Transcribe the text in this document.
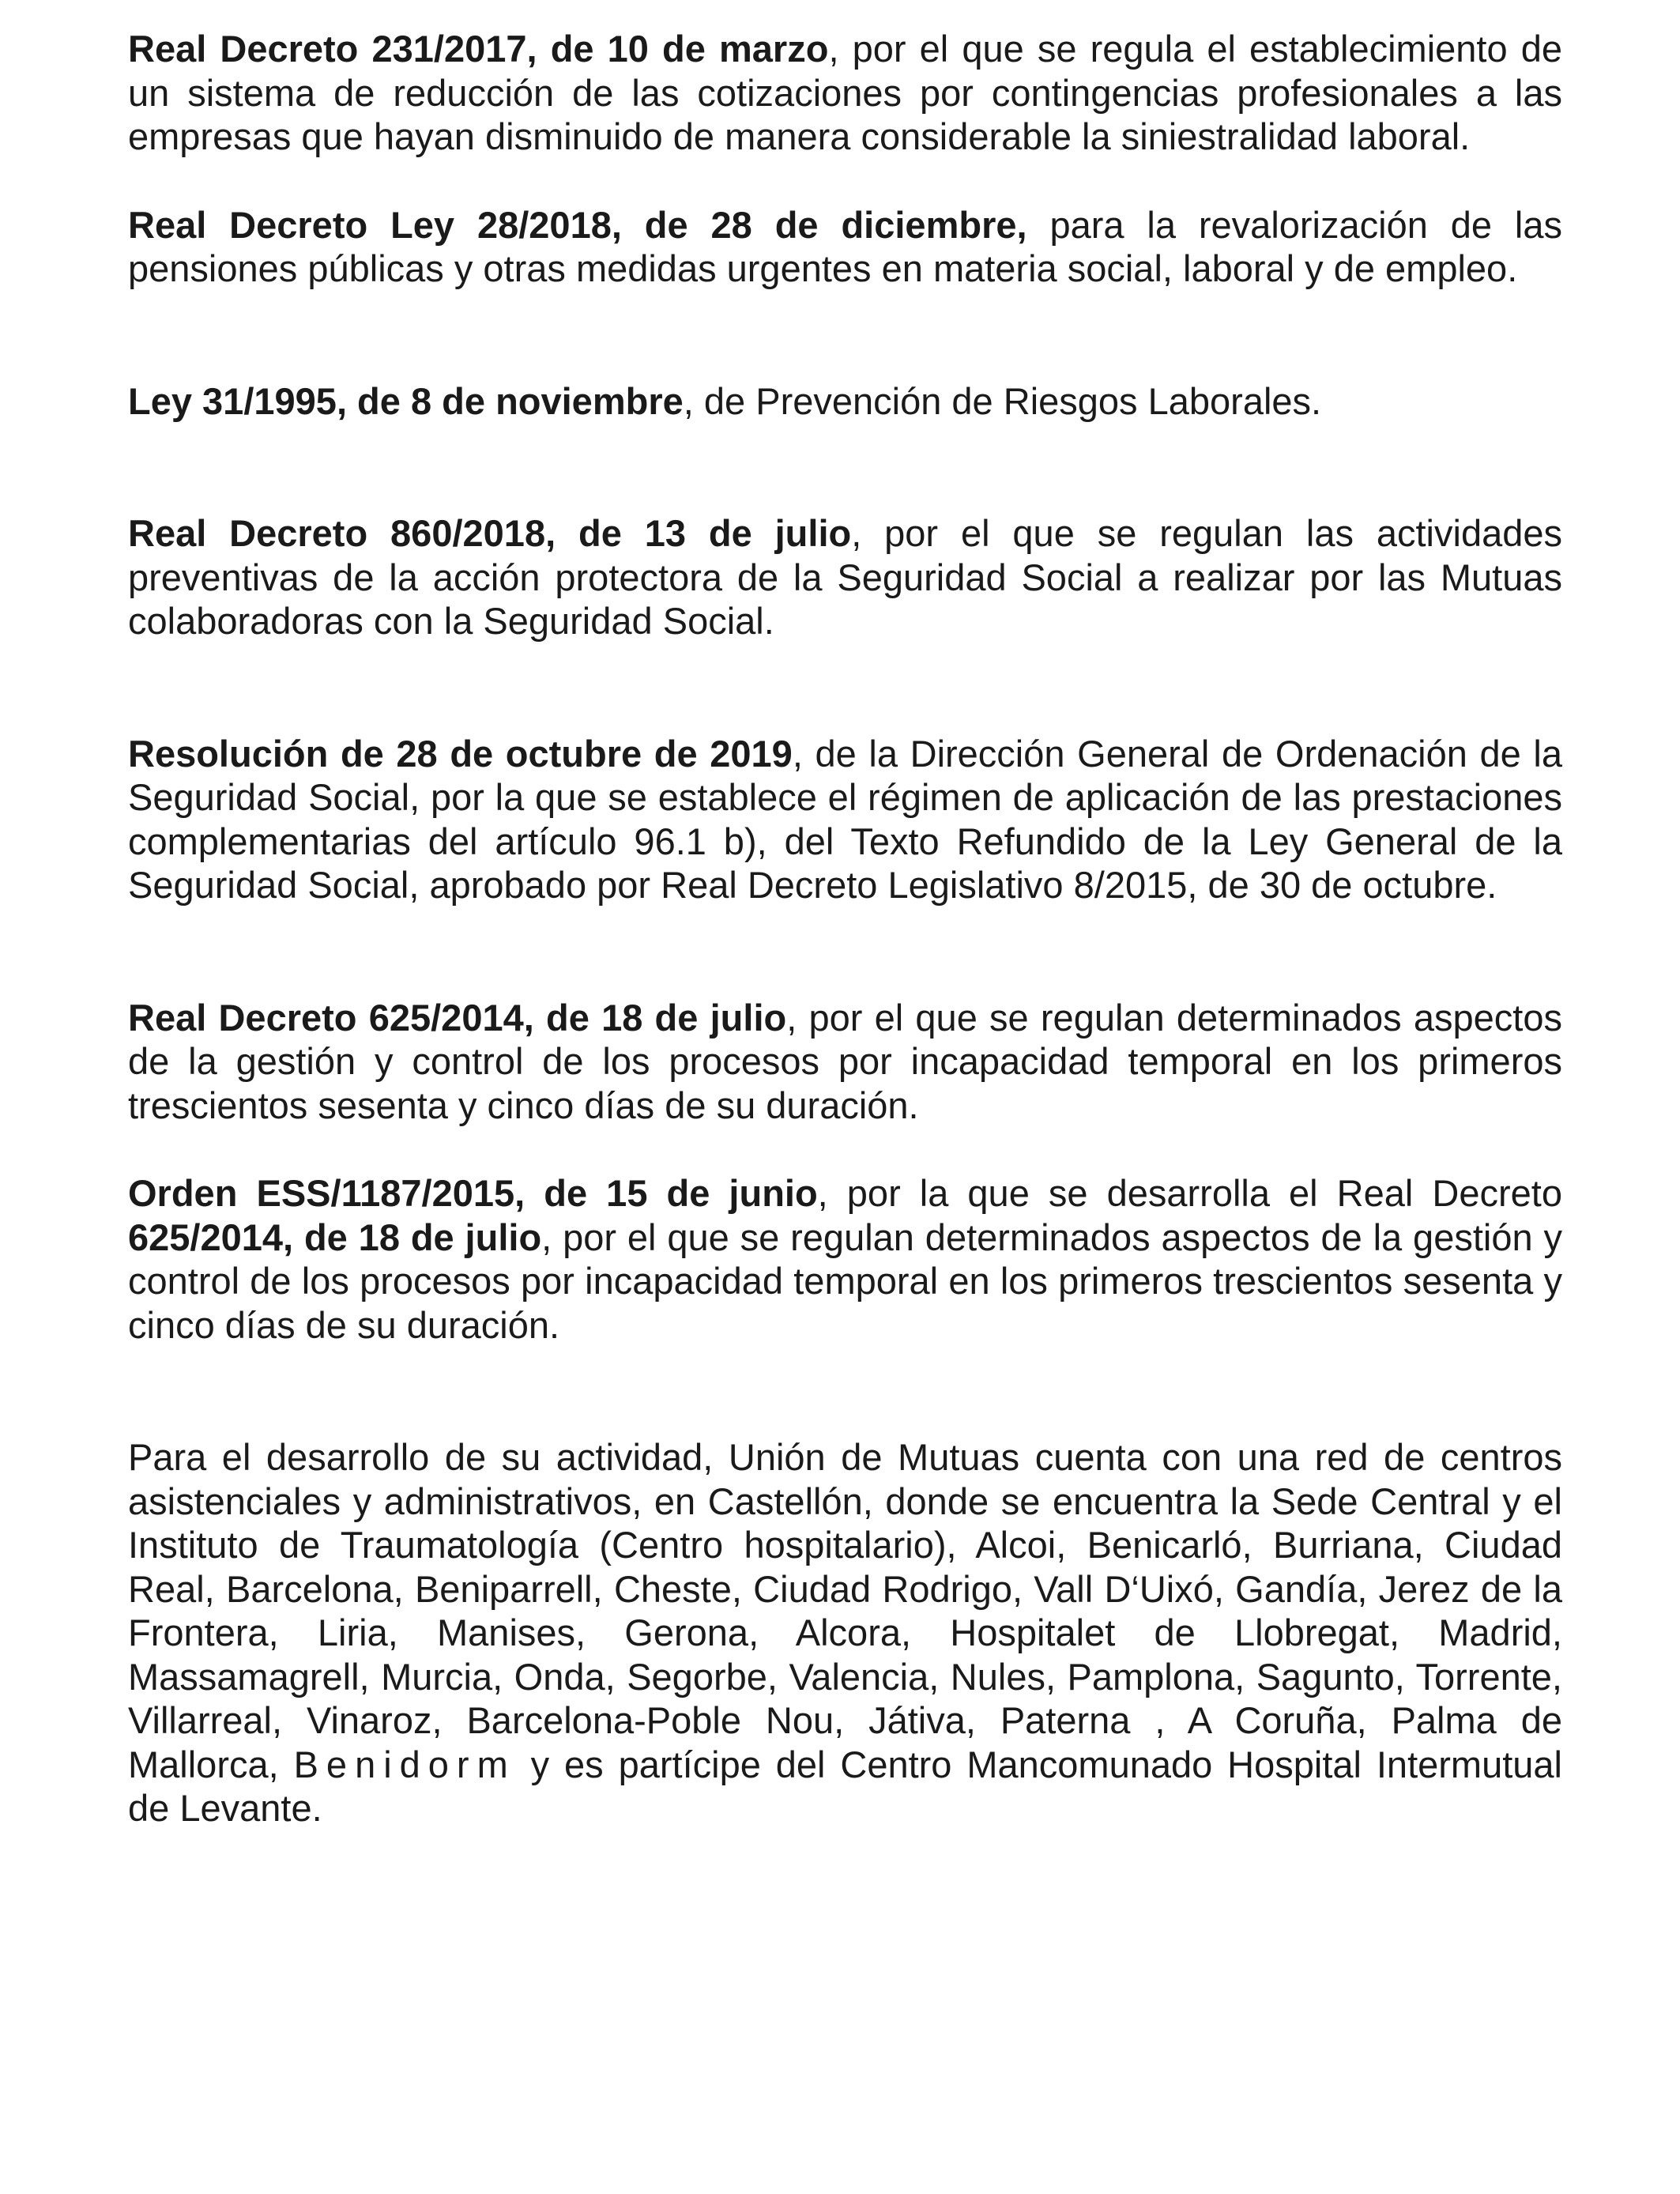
Real Decreto 231/2017, de 10 de marzo, por el que se regula el establecimiento de un sistema de reducción de las cotizaciones por contingencias profesionales a las empresas que hayan disminuido de manera considerable la siniestralidad laboral.

Real Decreto Ley 28/2018, de 28 de diciembre, para la revalorización de las pensiones públicas y otras medidas urgentes en materia social, laboral y de empleo.

Ley 31/1995, de 8 de noviembre, de Prevención de Riesgos Laborales.

Real Decreto 860/2018, de 13 de julio, por el que se regulan las actividades preventivas de la acción protectora de la Seguridad Social a realizar por las Mutuas colaboradoras con la Seguridad Social.

Resolución de 28 de octubre de 2019, de la Dirección General de Ordenación de la Seguridad Social, por la que se establece el régimen de aplicación de las prestaciones complementarias del artículo 96.1 b), del Texto Refundido de la Ley General de la Seguridad Social, aprobado por Real Decreto Legislativo 8/2015, de 30 de octubre.

Real Decreto 625/2014, de 18 de julio, por el que se regulan determinados aspectos de la gestión y control de los procesos por incapacidad temporal en los primeros trescientos sesenta y cinco días de su duración.

Orden ESS/1187/2015, de 15 de junio, por la que se desarrolla el Real Decreto 625/2014, de 18 de julio, por el que se regulan determinados aspectos de la gestión y control de los procesos por incapacidad temporal en los primeros trescientos sesenta y cinco días de su duración.

Para el desarrollo de su actividad, Unión de Mutuas cuenta con una red de centros asistenciales y administrativos, en Castellón, donde se encuentra la Sede Central y el Instituto de Traumatología (Centro hospitalario), Alcoi, Benicarló, Burriana, Ciudad Real, Barcelona, Beniparrell, Cheste, Ciudad Rodrigo, Vall D‘Uixó, Gandía, Jerez de la Frontera, Liria, Manises, Gerona, Alcora, Hospitalet de Llobregat, Madrid, Massamagrell, Murcia, Onda, Segorbe, Valencia, Nules, Pamplona, Sagunto, Torrente, Villarreal, Vinaroz, Barcelona-Poble Nou, Játiva, Paterna , A Coruña, Palma de Mallorca, Benidorm y es partícipe del Centro Mancomunado Hospital Intermutual de Levante.
